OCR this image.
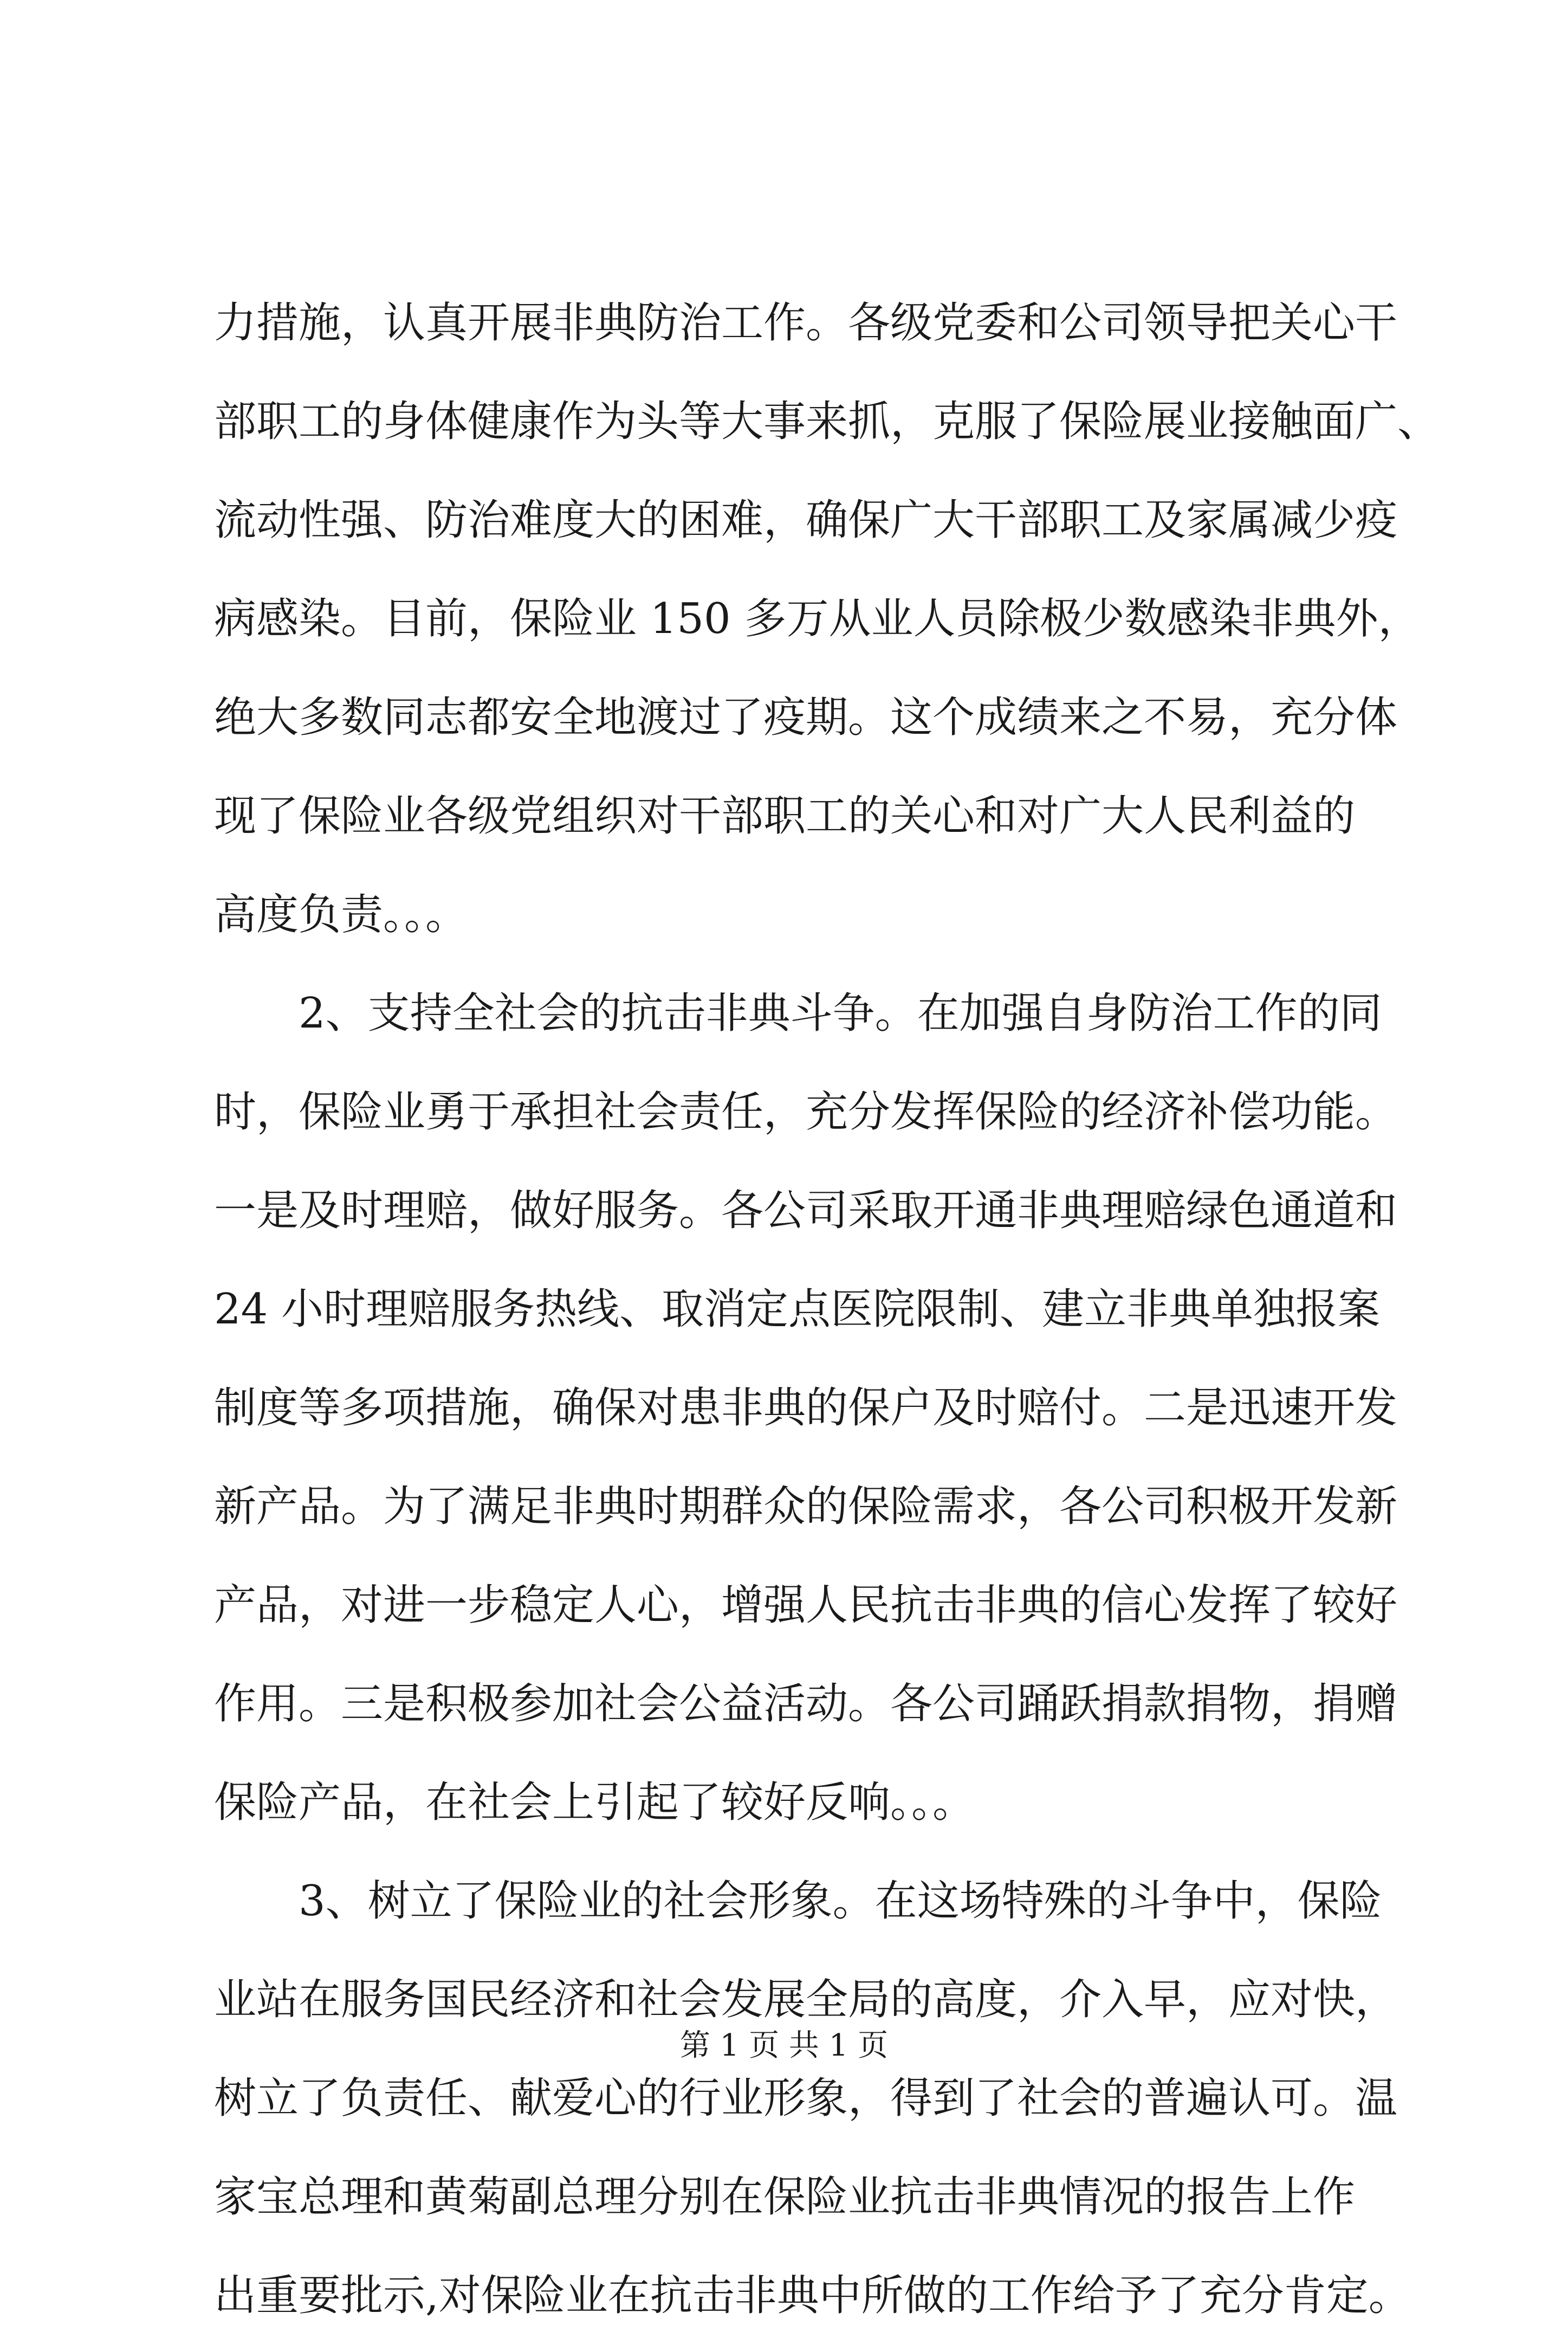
力措施，认真开展非典防治工作。各级党委和公司领导把关心干
部职工的身体健康作为头等大事来抓，克服了保险展业接触面广、
流动性强、防治难度大的困难，确保广大干部职工及家属减少疫
病感染。目前，保险业 150 多万从业人员除极少数感染非典外，
绝大多数同志都安全地渡过了疫期。这个成绩来之不易，充分体
现了保险业各级党组织对干部职工的关心和对广大人民利益的
高度负责。。。
2、支持全社会的抗击非典斗争。在加强自身防治工作的同
时，保险业勇于承担社会责任，充分发挥保险的经济补偿功能。
一是及时理赔，做好服务。各公司采取开通非典理赔绿色通道和
24 小时理赔服务热线、取消定点医院限制、建立非典单独报案
制度等多项措施，确保对患非典的保户及时赔付。二是迅速开发
新产品。为了满足非典时期群众的保险需求，各公司积极开发新
产品，对进一步稳定人心，增强人民抗击非典的信心发挥了较好
作用。三是积极参加社会公益活动。各公司踊跃捐款捐物，捐赠
保险产品，在社会上引起了较好反响。。。
3、树立了保险业的社会形象。在这场特殊的斗争中，保险
业站在服务国民经济和社会发展全局的高度，介入早，应对快，
树立了负责任、献爱心的行业形象，得到了社会的普遍认可。温
家宝总理和黄菊副总理分别在保险业抗击非典情况的报告上作
出重要批示,对保险业在抗击非典中所做的工作给予了充分肯定。
第 1 页 共 1 页
